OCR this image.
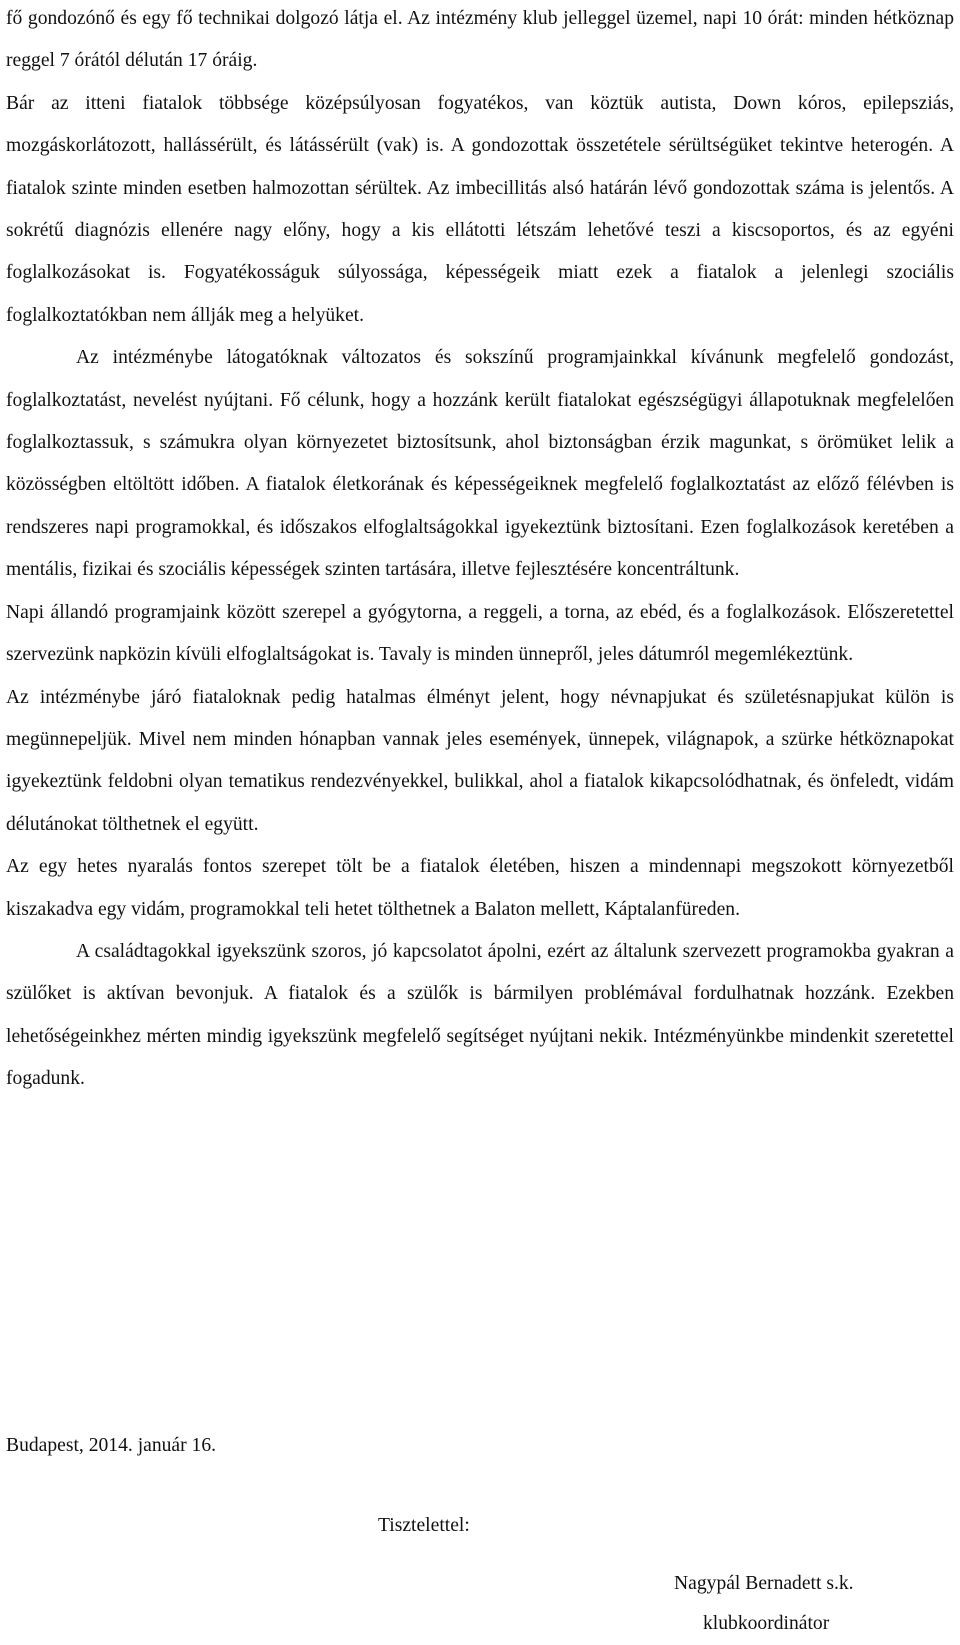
fő gondozónő és egy fő technikai dolgozó látja el. Az intézmény klub jelleggel üzemel, napi 10 órát: minden hétköznap reggel 7 órától délután 17 óráig.

Bár az itteni fiatalok többsége középsúlyosan fogyatékos, van köztük autista, Down kóros, epilepsziás, mozgáskorlátozott, hallássérült, és látássérült (vak) is. A gondozottak összetétele sérültségüket tekintve heterogén. A fiatalok szinte minden esetben halmozottan sérültek. Az imbecillitás alsó határán lévő gondozottak száma is jelentős. A sokrétű diagnózis ellenére nagy előny, hogy a kis ellátotti létszám lehetővé teszi a kiscsoportos, és az egyéni foglalkozásokat is. Fogyatékosságuk súlyossága, képességeik miatt ezek a fiatalok a jelenlegi szociális foglalkoztatókban nem állják meg a helyüket.

Az intézménybe látogatóknak változatos és sokszínű programjainkkal kívánunk megfelelő gondozást, foglalkoztatást, nevelést nyújtani. Fő célunk, hogy a hozzánk került fiatalokat egészségügyi állapotuknak megfelelően foglalkoztassuk, s számukra olyan környezetet biztosítsunk, ahol biztonságban érzik magunkat, s örömüket lelik a közösségben eltöltött időben. A fiatalok életkorának és képességeiknek megfelelő foglalkoztatást az előző félévben is rendszeres napi programokkal, és időszakos elfoglaltságokkal igyekeztünk biztosítani. Ezen foglalkozások keretében a mentális, fizikai és szociális képességek szinten tartására, illetve fejlesztésére koncentráltunk.

Napi állandó programjaink között szerepel a gyógytorna, a reggeli, a torna, az ebéd, és a foglalkozások. Előszeretettel szervezünk napközin kívüli elfoglaltságokat is. Tavaly is minden ünnepről, jeles dátumról megemlékeztünk.

Az intézménybe járó fiataloknak pedig hatalmas élményt jelent, hogy névnapjukat és születésnapjukat külön is megünnepeljük. Mivel nem minden hónapban vannak jeles események, ünnepek, világnapok, a szürke hétköznapokat igyekeztünk feldobni olyan tematikus rendezvényekkel, bulikkal, ahol a fiatalok kikapcsolódhatnak, és önfeledt, vidám délutánokat tölthetnek el együtt.

Az egy hetes nyaralás fontos szerepet tölt be a fiatalok életében, hiszen a mindennapi megszokott környezetből kiszakadva egy vidám, programokkal teli hetet tölthetnek a Balaton mellett, Káptalanfüreden.

A családtagokkal igyekszünk szoros, jó kapcsolatot ápolni, ezért az általunk szervezett programokba gyakran a szülőket is aktívan bevonjuk. A fiatalok és a szülők is bármilyen problémával fordulhatnak hozzánk. Ezekben lehetőségeinkhez mérten mindig igyekszünk megfelelő segítséget nyújtani nekik. Intézményünkbe mindenkit szeretettel fogadunk.

Budapest, 2014. január 16.

Tisztelettel:

Nagypál Bernadett s.k.

klubkoordinátor
